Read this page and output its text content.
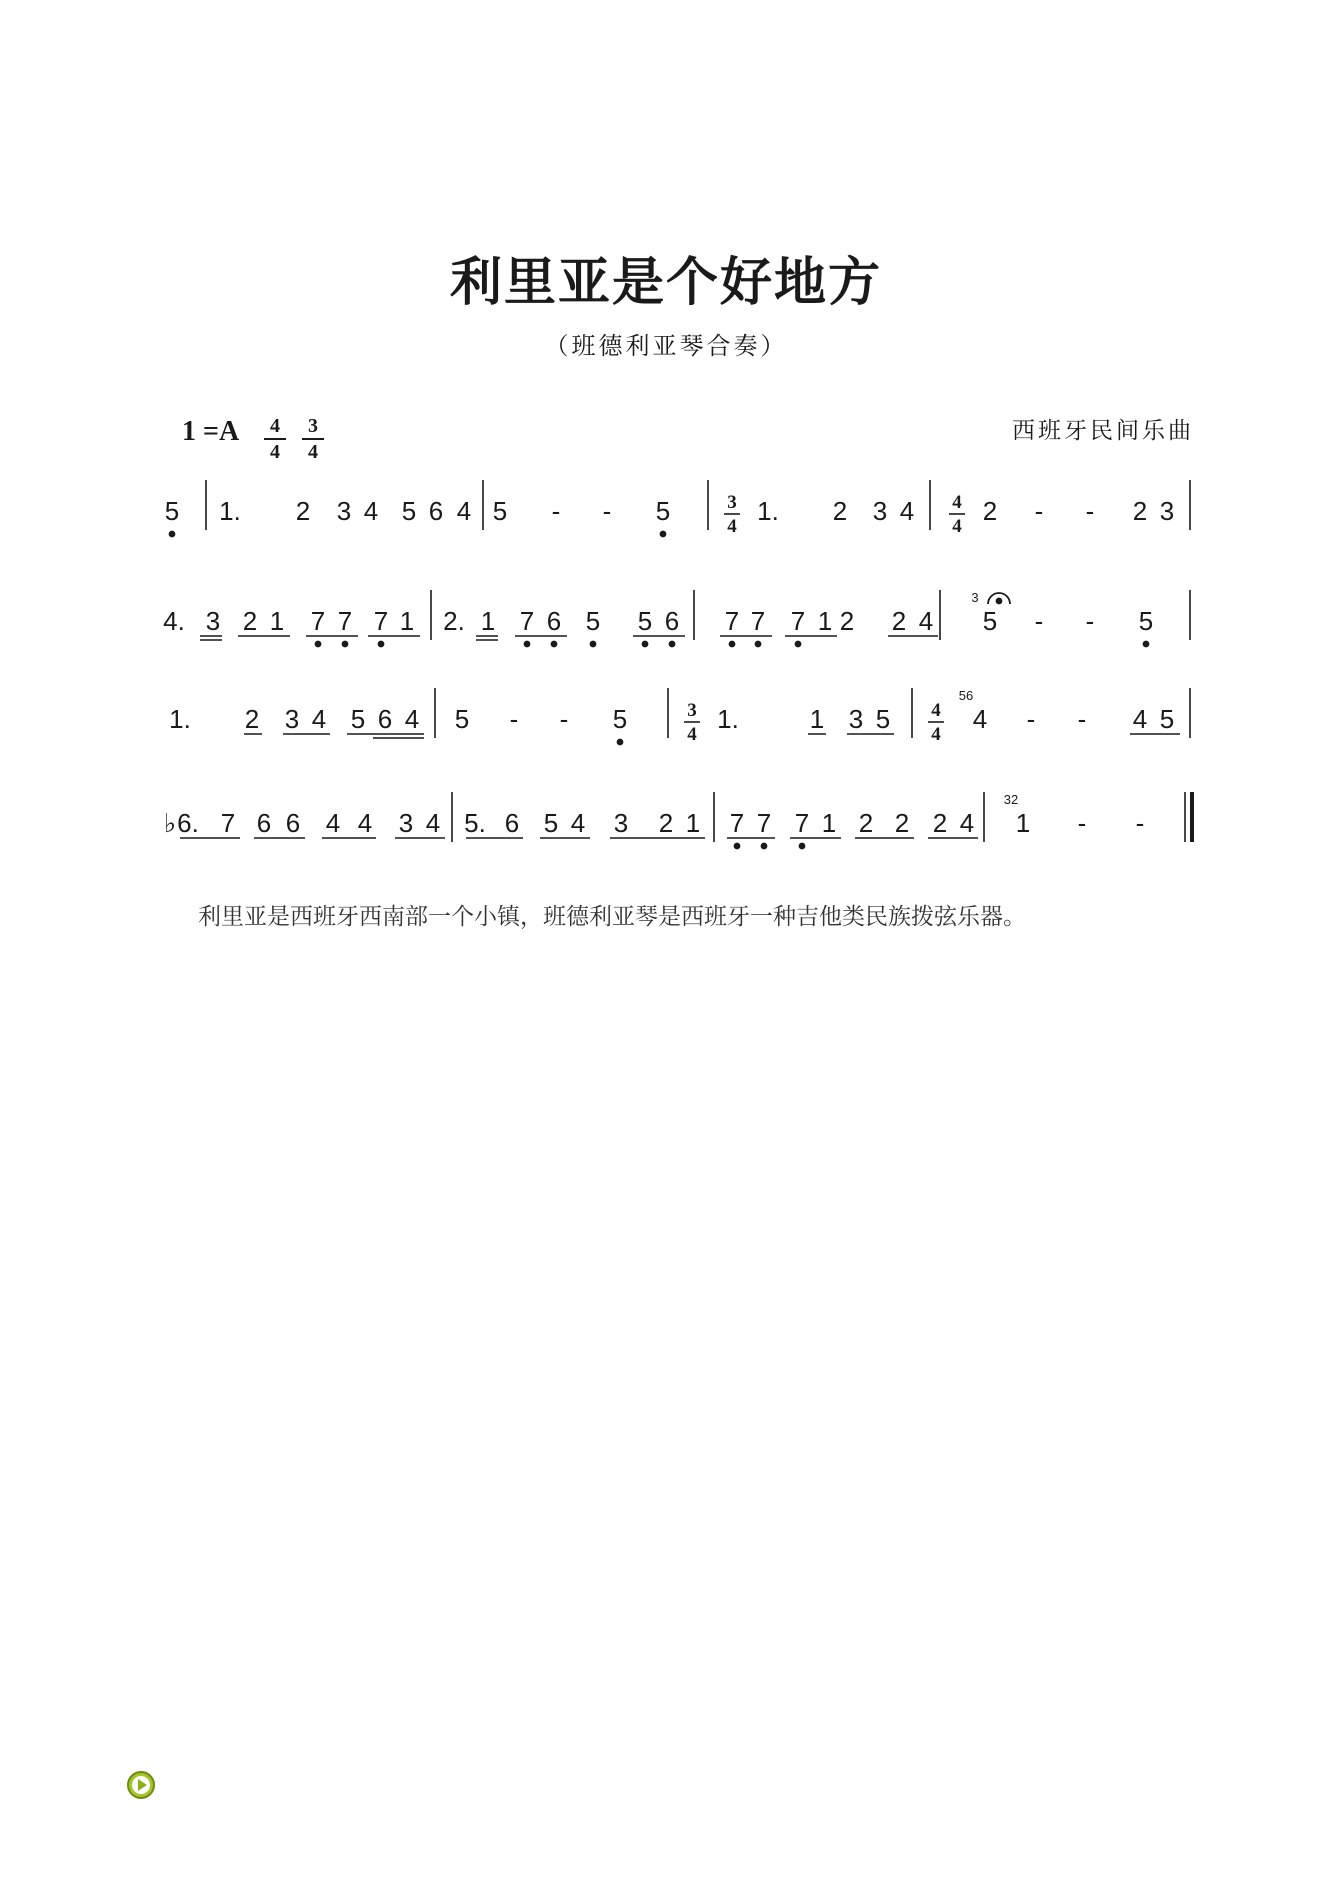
利里亚是个好地方
（班德利亚琴合奏）
1 =A	4
4
3
4
西班牙民间乐曲
5 1. 2 3 4 5 6 4 5 - - 5	1. 2 3 4	2 - - 2 3
3
4
4
4
4. 3 2 1 7 7 7 1 2. 1 7 6 5 5 6 7 7 7 1 2 2 4 5 - - 5
3
1. 2 3 4 5 6 4 5 - - 5	1.	1 3 5	4 - - 4 5
3
4
4
4
56
♭ 6. 7 6 6 4 4 3 4 5. 6 5 4 3 2 1 7 7 7 1 2 2 2 4 1 - -
32
利里亚是西班牙西南部一个小镇，班德利亚琴是西班牙一种吉他类民族拨弦乐器。
